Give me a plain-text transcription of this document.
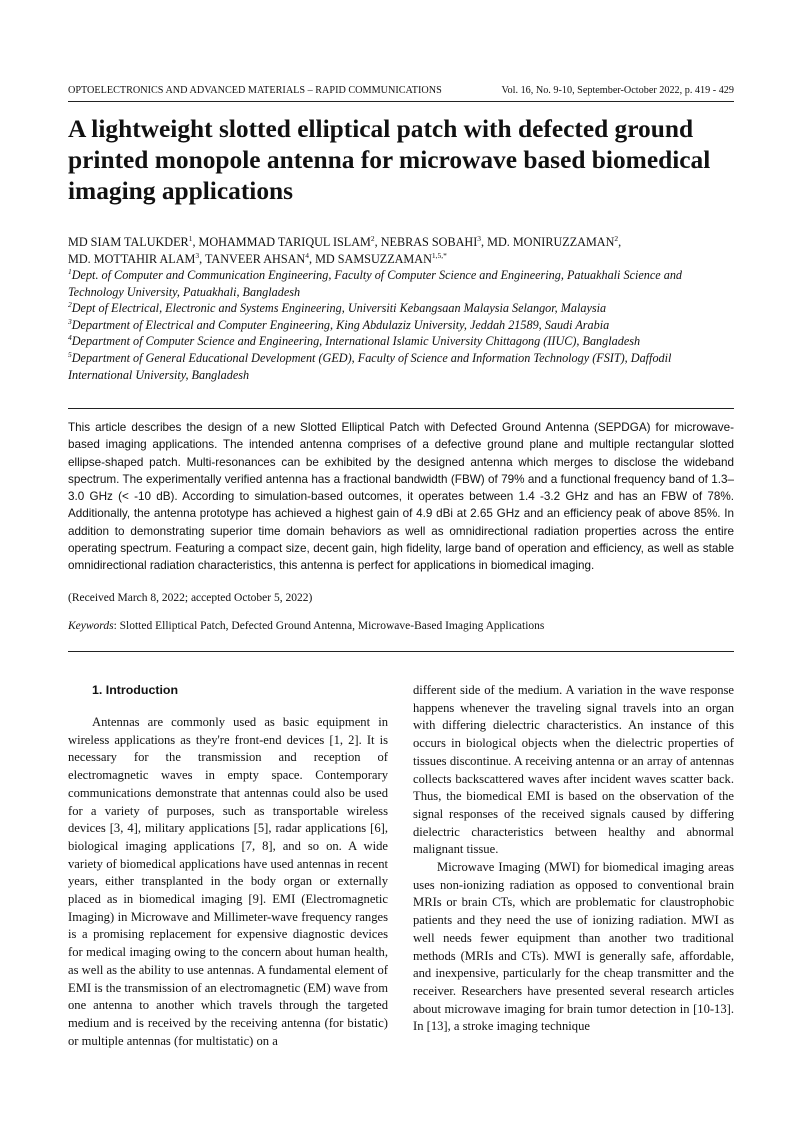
OPTOELECTRONICS AND ADVANCED MATERIALS – RAPID COMMUNICATIONS	Vol. 16, No. 9-10, September-October 2022, p. 419 - 429
A lightweight slotted elliptical patch with defected ground printed monopole antenna for microwave based biomedical imaging applications
MD SIAM TALUKDER$^1$, MOHAMMAD TARIQUL ISLAM$^2$, NEBRAS SOBAHI$^3$, MD. MONIRUZZAMAN$^2$,
MD. MOTTAHIR ALAM$^3$, TANVEER AHSAN$^4$, MD $SAMSUZZAMAN^{1,5,*}$
$^1$Dept. of Computer and Communication Engineering, Faculty of Computer Science and Engineering, Patuakhali Science and Technology University, Patuakhali, Bangladesh
$^2$Dept of Electrical, Electronic and Systems Engineering, Universiti Kebangsaan Malaysia Selangor, Malaysia
$^3$Department of Electrical and Computer Engineering, King Abdulaziz University, Jeddah 21589, Saudi Arabia
$^4$Department of Computer Science and Engineering, International Islamic University Chittagong (IIUC), Bangladesh
$^5$Department of General Educational Development (GED), Faculty of Science and Information Technology (FSIT), Daffodil International University, Bangladesh

This article describes the design of a new Slotted Elliptical Patch with Defected Ground Antenna (SEPDGA) for microwave-based imaging applications. The intended antenna comprises of a defective ground plane and multiple rectangular slotted ellipse-shaped patch. Multi-resonances can be exhibited by the designed antenna which merges to disclose the wideband spectrum. The experimentally verified antenna has a fractional bandwidth (FBW) of 79% and a functional frequency band of 1.3–3.0 GHz (< -10 dB). According to simulation-based outcomes, it operates between 1.4 -3.2 GHz and has an FBW of 78%. Additionally, the antenna prototype has achieved a highest gain of 4.9 dBi at 2.65 GHz and an efficiency peak of above 85%. In addition to demonstrating superior time domain behaviors as well as omnidirectional radiation properties across the entire operating spectrum. Featuring a compact size, decent gain, high fidelity, large band of operation and efficiency, as well as stable omnidirectional radiation characteristics, this antenna is perfect for applications in biomedical imaging.

(Received March 8, 2022; accepted October 5, 2022)
Keywords: Slotted Elliptical Patch, Defected Ground Antenna, Microwave-Based Imaging Applications
1. Introduction

Antennas are commonly used as basic equipment in wireless applications as they're front-end devices [1, 2]. It is necessary for the transmission and reception of electromagnetic waves in empty space. Contemporary communications demonstrate that antennas could also be used for a variety of purposes, such as transportable wireless devices [3, 4], military applications [5], radar applications [6], biological imaging applications [7, 8], and so on. A wide variety of biomedical applications have used antennas in recent years, either transplanted in the body organ or externally placed as in biomedical imaging [9]. EMI (Electromagnetic Imaging) in Microwave and Millimeter-wave frequency ranges is a promising replacement for expensive diagnostic devices for medical imaging owing to the concern about human health, as well as the ability to use antennas. A fundamental element of EMI is the transmission of an electromagnetic (EM) wave from one antenna to another which travels through the targeted medium and is received by the receiving antenna (for bistatic) or multiple antennas (for multistatic) on a

different side of the medium. A variation in the wave response happens whenever the traveling signal travels into an organ with differing dielectric characteristics. An instance of this occurs in biological objects when the dielectric properties of tissues discontinue. A receiving antenna or an array of antennas collects backscattered waves after incident waves scatter back. Thus, the biomedical EMI is based on the observation of the signal responses of the received signals caused by differing dielectric characteristics between healthy and abnormal malignant tissue.

Microwave Imaging (MWI) for biomedical imaging areas uses non-ionizing radiation as opposed to conventional brain MRIs or brain CTs, which are problematic for claustrophobic patients and they need the use of ionizing radiation. MWI as well needs fewer equipment than another two traditional methods (MRIs and CTs). MWI is generally safe, affordable, and inexpensive, particularly for the cheap transmitter and the receiver. Researchers have presented several research articles about microwave imaging for brain tumor detection in [10-13]. In [13], a stroke imaging technique
